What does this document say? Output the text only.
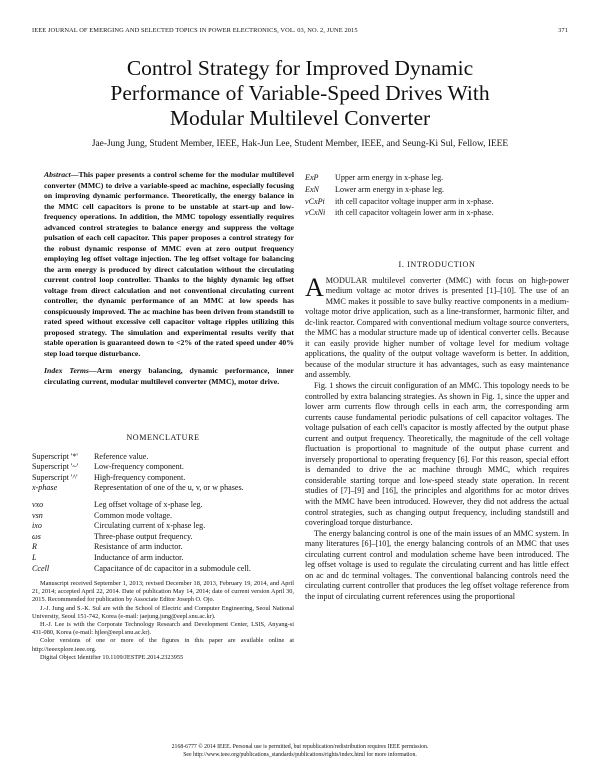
IEEE JOURNAL OF EMERGING AND SELECTED TOPICS IN POWER ELECTRONICS, VOL. 03, NO. 2, JUNE 2015	371
Control Strategy for Improved Dynamic
Performance of Variable-Speed Drives With
Modular Multilevel Converter
Jae-Jung Jung, Student Member, IEEE, Hak-Jun Lee, Student Member, IEEE, and Seung-Ki Sul, Fellow, IEEE
Abstract—This paper presents a control scheme for the modular multilevel converter (MMC) to drive a variable-speed ac machine, especially focusing on improving dynamic performance. Theoretically, the energy balance in the MMC cell capacitors is prone to be unstable at start-up and low-frequency operations. In addition, the MMC topology essentially requires advanced control strategies to balance energy and suppress the voltage pulsation of each cell capacitor. This paper proposes a control strategy for the robust dynamic response of MMC even at zero output frequency employing leg offset voltage injection. The leg offset voltage for balancing the arm energy is produced by direct calculation without the circulating current control loop controller. Thanks to the highly dynamic leg offset voltage from direct calculation and not conventional circulating current controller, the dynamic performance of an MMC at low speeds has conspicuously improved. The ac machine has been driven from standstill to rated speed without excessive cell capacitor voltage ripples utilizing this proposed strategy. The simulation and experimental results verify that stable operation is guaranteed down to <2% of the rated speed under 40% step load torque disturbance.
Index Terms—Arm energy balancing, dynamic performance, inner circulating current, modular multilevel converter (MMC), motor drive.
NOMENCLATURE
Superscript '*'	Reference value.
Superscript '~'	Low-frequency component.
Superscript '^'	High-frequency component.
x-phase	Representation of one of the u, v, or w phases.
vxo	Leg offset voltage of x-phase leg.
vsn	Common mode voltage.
ixo	Circulating current of x-phase leg.
ωs	Three-phase output frequency.
R	Resistance of arm inductor.
L	Inductance of arm inductor.
Ccell	Capacitance of dc capacitor in a submodule cell.

Manuscript received September 1, 2013; revised December 18, 2013, February 19, 2014, and April 21, 2014; accepted April 22, 2014. Date of publication May 14, 2014; date of current version April 30, 2015. Recommended for publication by Associate Editor Joseph O. Ojo.

J.-J. Jung and S.-K. Sul are with the School of Electric and Computer Engineering, Seoul National University, Seoul 151-742, Korea (e-mail: jaejung.jung@eepl.snu.ac.kr).

H.-J. Lee is with the Corporate Technology Research and Development Center, LSIS, Anyang-si 431-080, Korea (e-mail: hjlee@eepl.snu.ac.kr).

Color versions of one or more of the figures in this paper are available online at http://ieeexplore.ieee.org.

Digital Object Identifier 10.1109/JESTPE.2014.2323955

ExP	Upper arm energy in x-phase leg.
ExN	Lower arm energy in x-phase leg.
vCxPi	ith cell capacitor voltage inupper arm in x-phase.
vCxNi	ith cell capacitor voltagein lower arm in x-phase.
I. INTRODUCTION

AMODULAR multilevel converter (MMC) with focus on high-power medium voltage ac motor drives is presented [1]–[10]. The use of an MMC makes it possible to save bulky reactive components in a medium-voltage motor drive application, such as a line-transformer, harmonic filter, and dc-link reactor. Compared with conventional medium voltage source converters, the MMC has a modular structure made up of identical converter cells. Because it can easily provide higher number of voltage level for medium voltage applications, the quality of the output voltage waveform is better. In addition, because of the modular structure it has advantages, such as easy maintenance and assembly.

Fig. 1 shows the circuit configuration of an MMC. This topology needs to be controlled by extra balancing strategies. As shown in Fig. 1, since the upper and lower arm currents flow through cells in each arm, the corresponding arm currents cause fundamental periodic pulsations of cell capacitor voltages. The voltage pulsation of each cell's capacitor is mostly affected by the output phase current and output frequency. Theoretically, the magnitude of the cell voltage fluctuation is proportional to magnitude of the output phase current and inversely proportional to operating frequency [6]. For this reason, special effort is demanded to drive the ac machine through MMC, which requires considerable starting torque and low-speed steady state operation. In recent studies of [7]–[9] and [16], the principles and algorithms for ac motor drives with the MMC have been introduced. However, they did not address the actual control strategies, such as changing output frequency, including standstill and coveringload torque disturbance.

The energy balancing control is one of the main issues of an MMC system. In many literatures [6]–[10], the energy balancing controls of an MMC that uses circulating current control and modulation scheme have been introduced. The leg offset voltage is used to regulate the circulating current and has little effect on ac and dc terminal voltages. The conventional balancing controls need the circulating current controller that produces the leg offset voltage reference from the input of circulating current references using the proportional

2168-6777 © 2014 IEEE. Personal use is permitted, but republication/redistribution requires IEEE permission.
See http://www.ieee.org/publications_standards/publications/rights/index.html for more information.
